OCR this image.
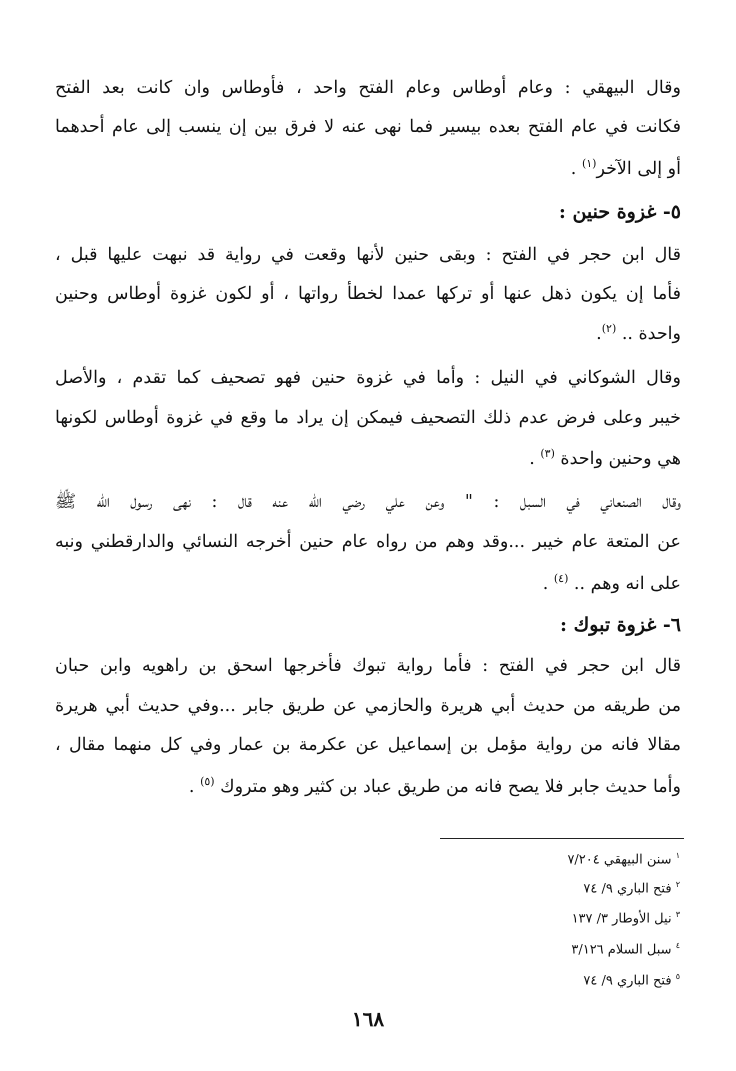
وقال البيهقي : وعام أوطاس وعام الفتح واحد ، فأوطاس وان كانت بعد الفتح
فكانت في عام الفتح بعده بيسير فما نهى عنه لا فرق بين إن ينسب إلى عام أحدهما
أو إلى الآخر$^{(١)}$ .
٥- غزوة حنين :
قال ابن حجر في الفتح : وبقى حنين لأنها وقعت في رواية قد نبهت عليها قبل ،
فأما إن يكون ذهل عنها أو تركها عمدا لخطأ رواتها ، أو لكون غزوة أوطاس وحنين
واحدة .. $^{(٢)}$.
وقال الشوكاني في النيل : وأما في غزوة حنين فهو تصحيف كما تقدم ، والأصل
خيبر وعلى فرض عدم ذلك التصحيف فيمكن إن يراد ما وقع في غزوة أوطاس لكونها
هي وحنين واحدة $^{(٣)}$ .
وقال الصنعاني في السبل : " وعن علي رضي الله عنه قال : نهى رسول الله ﷺ
عن المتعة عام خيبر ...وقد وهم من رواه عام حنين أخرجه النسائي والدارقطني ونبه
على انه وهم .. $^{(٤)}$ .
٦- غزوة تبوك :
قال ابن حجر في الفتح : فأما رواية تبوك فأخرجها اسحق بن راهويه وابن حبان
من طريقه من حديث أبي هريرة والحازمي عن طريق جابر ...وفي حديث أبي هريرة
مقالا فانه من رواية مؤمل بن إسماعيل عن عكرمة بن عمار وفي كل منهما مقال ،
وأما حديث جابر فلا يصح فانه من طريق عباد بن كثير وهو متروك $^{(٥)}$ .
$^١$ سنن البيهقي ٧/٢٠٤
$^٢$ فتح الباري ٩/ ٧٤
$^٣$ نيل الأوطار ٣/ ١٣٧
$^٤$ سبل السلام ٣/١٢٦
$^٥$ فتح الباري ٩/ ٧٤
١٦٨
